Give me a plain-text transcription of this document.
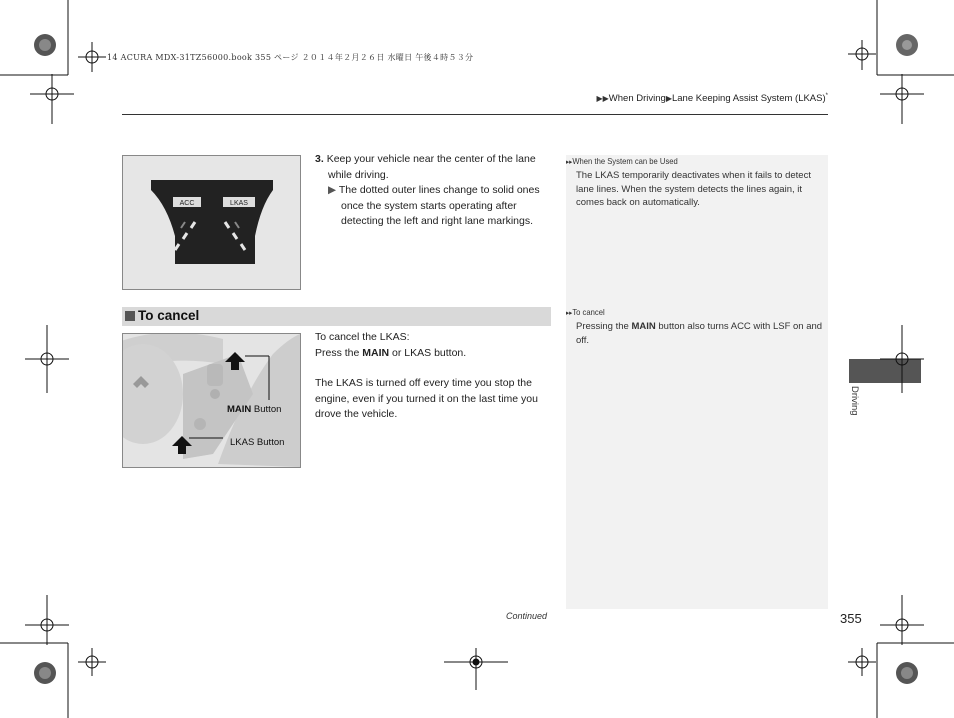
14 ACURA MDX-31TZ56000.book 355 ページ ２０１４年２月２６日 水曜日 午後４時５３分
▶▶When Driving▶Lane Keeping Assist System (LKAS)*
▸▸When the System can be Used
The LKAS temporarily deactivates when it fails to detect lane lines. When the system detects the lines again, it comes back on automatically.
▸▸To cancel
Pressing the MAIN button also turns ACC with LSF on and off.
ACC	LKAS
3. Keep your vehicle near the center of the lane while driving.
▶ The dotted outer lines change to solid ones once the system starts operating after detecting the left and right lane markings.
To cancel
MAIN Button
LKAS Button
To cancel the LKAS:
Press the MAIN or LKAS button.
The LKAS is turned off every time you stop the engine, even if you turned it on the last time you drove the vehicle.	Driving
Continued	355
